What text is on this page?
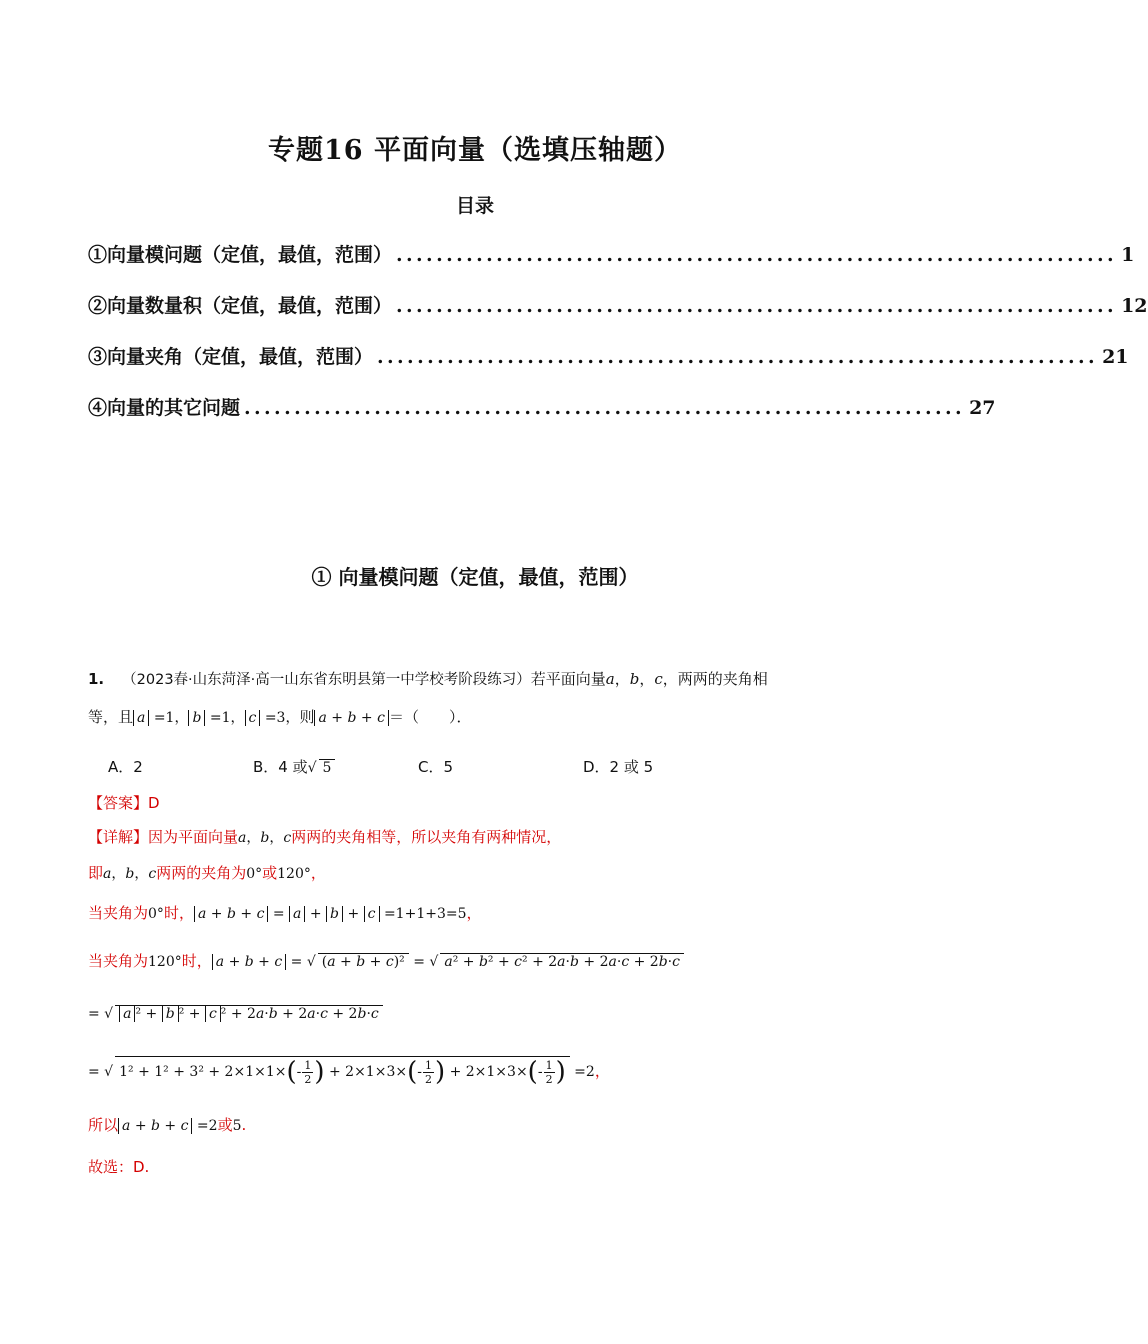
专题16 平面向量（选填压轴题）
目录
①向量模问题（定值，最值，范围） ........................................................................ 1
②向量数量积（定值，最值，范围） ........................................................................ 12
③向量夹角（定值，最值，范围） ........................................................................ 21
④向量的其它问题 ........................................................................ 27
① 向量模问题（定值，最值，范围）
1. （2023春·山东菏泽·高一山东省东明县第一中学校考阶段练习）若平面向量a，b，c，两两的夹角相
等，且 a =1， b =1， c =3，则 a + b + c ＝（　　）．
A．2	B．4 或√ 5	C．5	D．2 或 5
【答案】D
【详解】因为平面向量a，b，c两两的夹角相等，所以夹角有两种情况，
即a，b，c两两的夹角为0°或120°，
当夹角为0°时， a + b + c = a + b + c =1+1+3=5，
当夹角为120°时， a + b + c = √ (a + b + c)² = √ a² + b² + c² + 2a·b + 2a·c + 2b·c
= √ a ² + b ² + c ² + 2a·b + 2a·c + 2b·c
= √ $1^2 + 1^2 + 3^2 + 2\times 1\times 1\times(- \frac{1}{2}$ ) + $2\times 1\times 3\times(- \frac{1}{2}$ ) + $2\times 1\times 3\times(- \frac{1}{2}$ ) =2，
所以 a + b + c =2或5.
故选：D.
